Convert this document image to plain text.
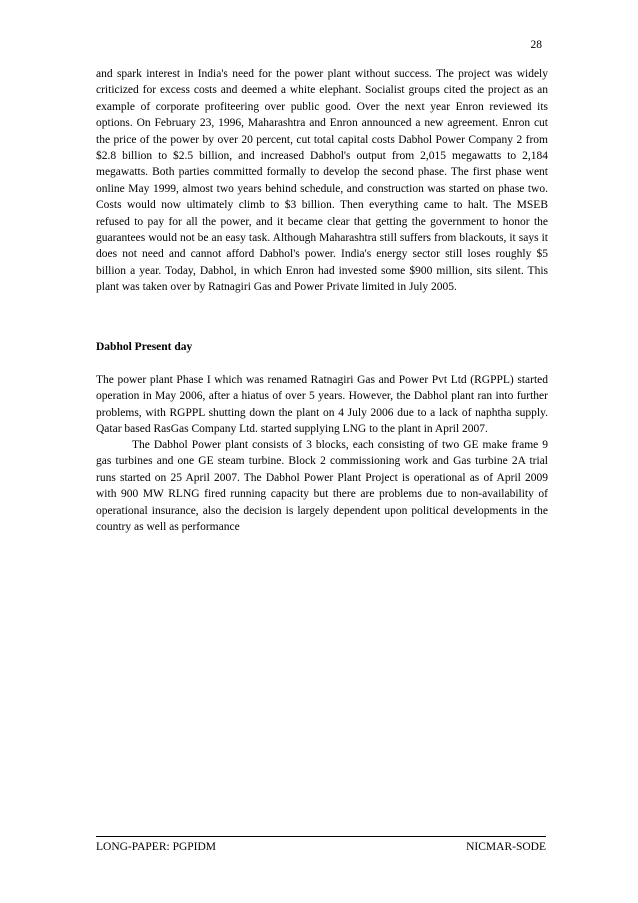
28

and spark interest in India's need for the power plant without success. The project was widely criticized for excess costs and deemed a white elephant. Socialist groups cited the project as an example of corporate profiteering over public good. Over the next year Enron reviewed its options. On February 23, 1996, Maharashtra and Enron announced a new agreement. Enron cut the price of the power by over 20 percent, cut total capital costs Dabhol Power Company 2 from $2.8 billion to $2.5 billion, and increased Dabhol's output from 2,015 megawatts to 2,184 megawatts. Both parties committed formally to develop the second phase. The first phase went online May 1999, almost two years behind schedule, and construction was started on phase two. Costs would now ultimately climb to $3 billion. Then everything came to halt. The MSEB refused to pay for all the power, and it became clear that getting the government to honor the guarantees would not be an easy task. Although Maharashtra still suffers from blackouts, it says it does not need and cannot afford Dabhol's power. India's energy sector still loses roughly $5 billion a year. Today, Dabhol, in which Enron had invested some $900 million, sits silent. This plant was taken over by Ratnagiri Gas and Power Private limited in July 2005.

Dabhol Present day

The power plant Phase I which was renamed Ratnagiri Gas and Power Pvt Ltd (RGPPL) started operation in May 2006, after a hiatus of over 5 years. However, the Dabhol plant ran into further problems, with RGPPL shutting down the plant on 4 July 2006 due to a lack of naphtha supply. Qatar based RasGas Company Ltd. started supplying LNG to the plant in April 2007.

The Dabhol Power plant consists of 3 blocks, each consisting of two GE make frame 9 gas turbines and one GE steam turbine. Block 2 commissioning work and Gas turbine 2A trial runs started on 25 April 2007. The Dabhol Power Plant Project is operational as of April 2009 with 900 MW RLNG fired running capacity but there are problems due to non-availability of operational insurance, also the decision is largely dependent upon political developments in the country as well as performance

LONG-PAPER: PGPIDM	NICMAR-SODE
